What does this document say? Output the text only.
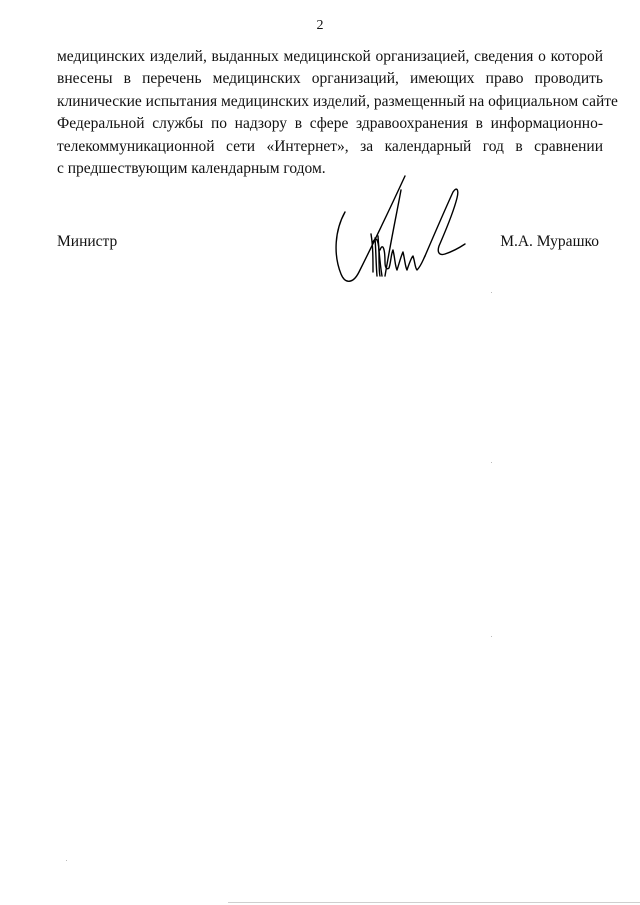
2
медицинских изделий, выданных медицинской организацией, сведения о которой
внесены в перечень медицинских организаций, имеющих право проводить
клинические испытания медицинских изделий, размещенный на официальном сайте
Федеральной службы по надзору в сфере здравоохранения в информационно-
телекоммуникационной сети «Интернет», за календарный год в сравнении
с предшествующим календарным годом.
Министр	М.А. Мурашко
